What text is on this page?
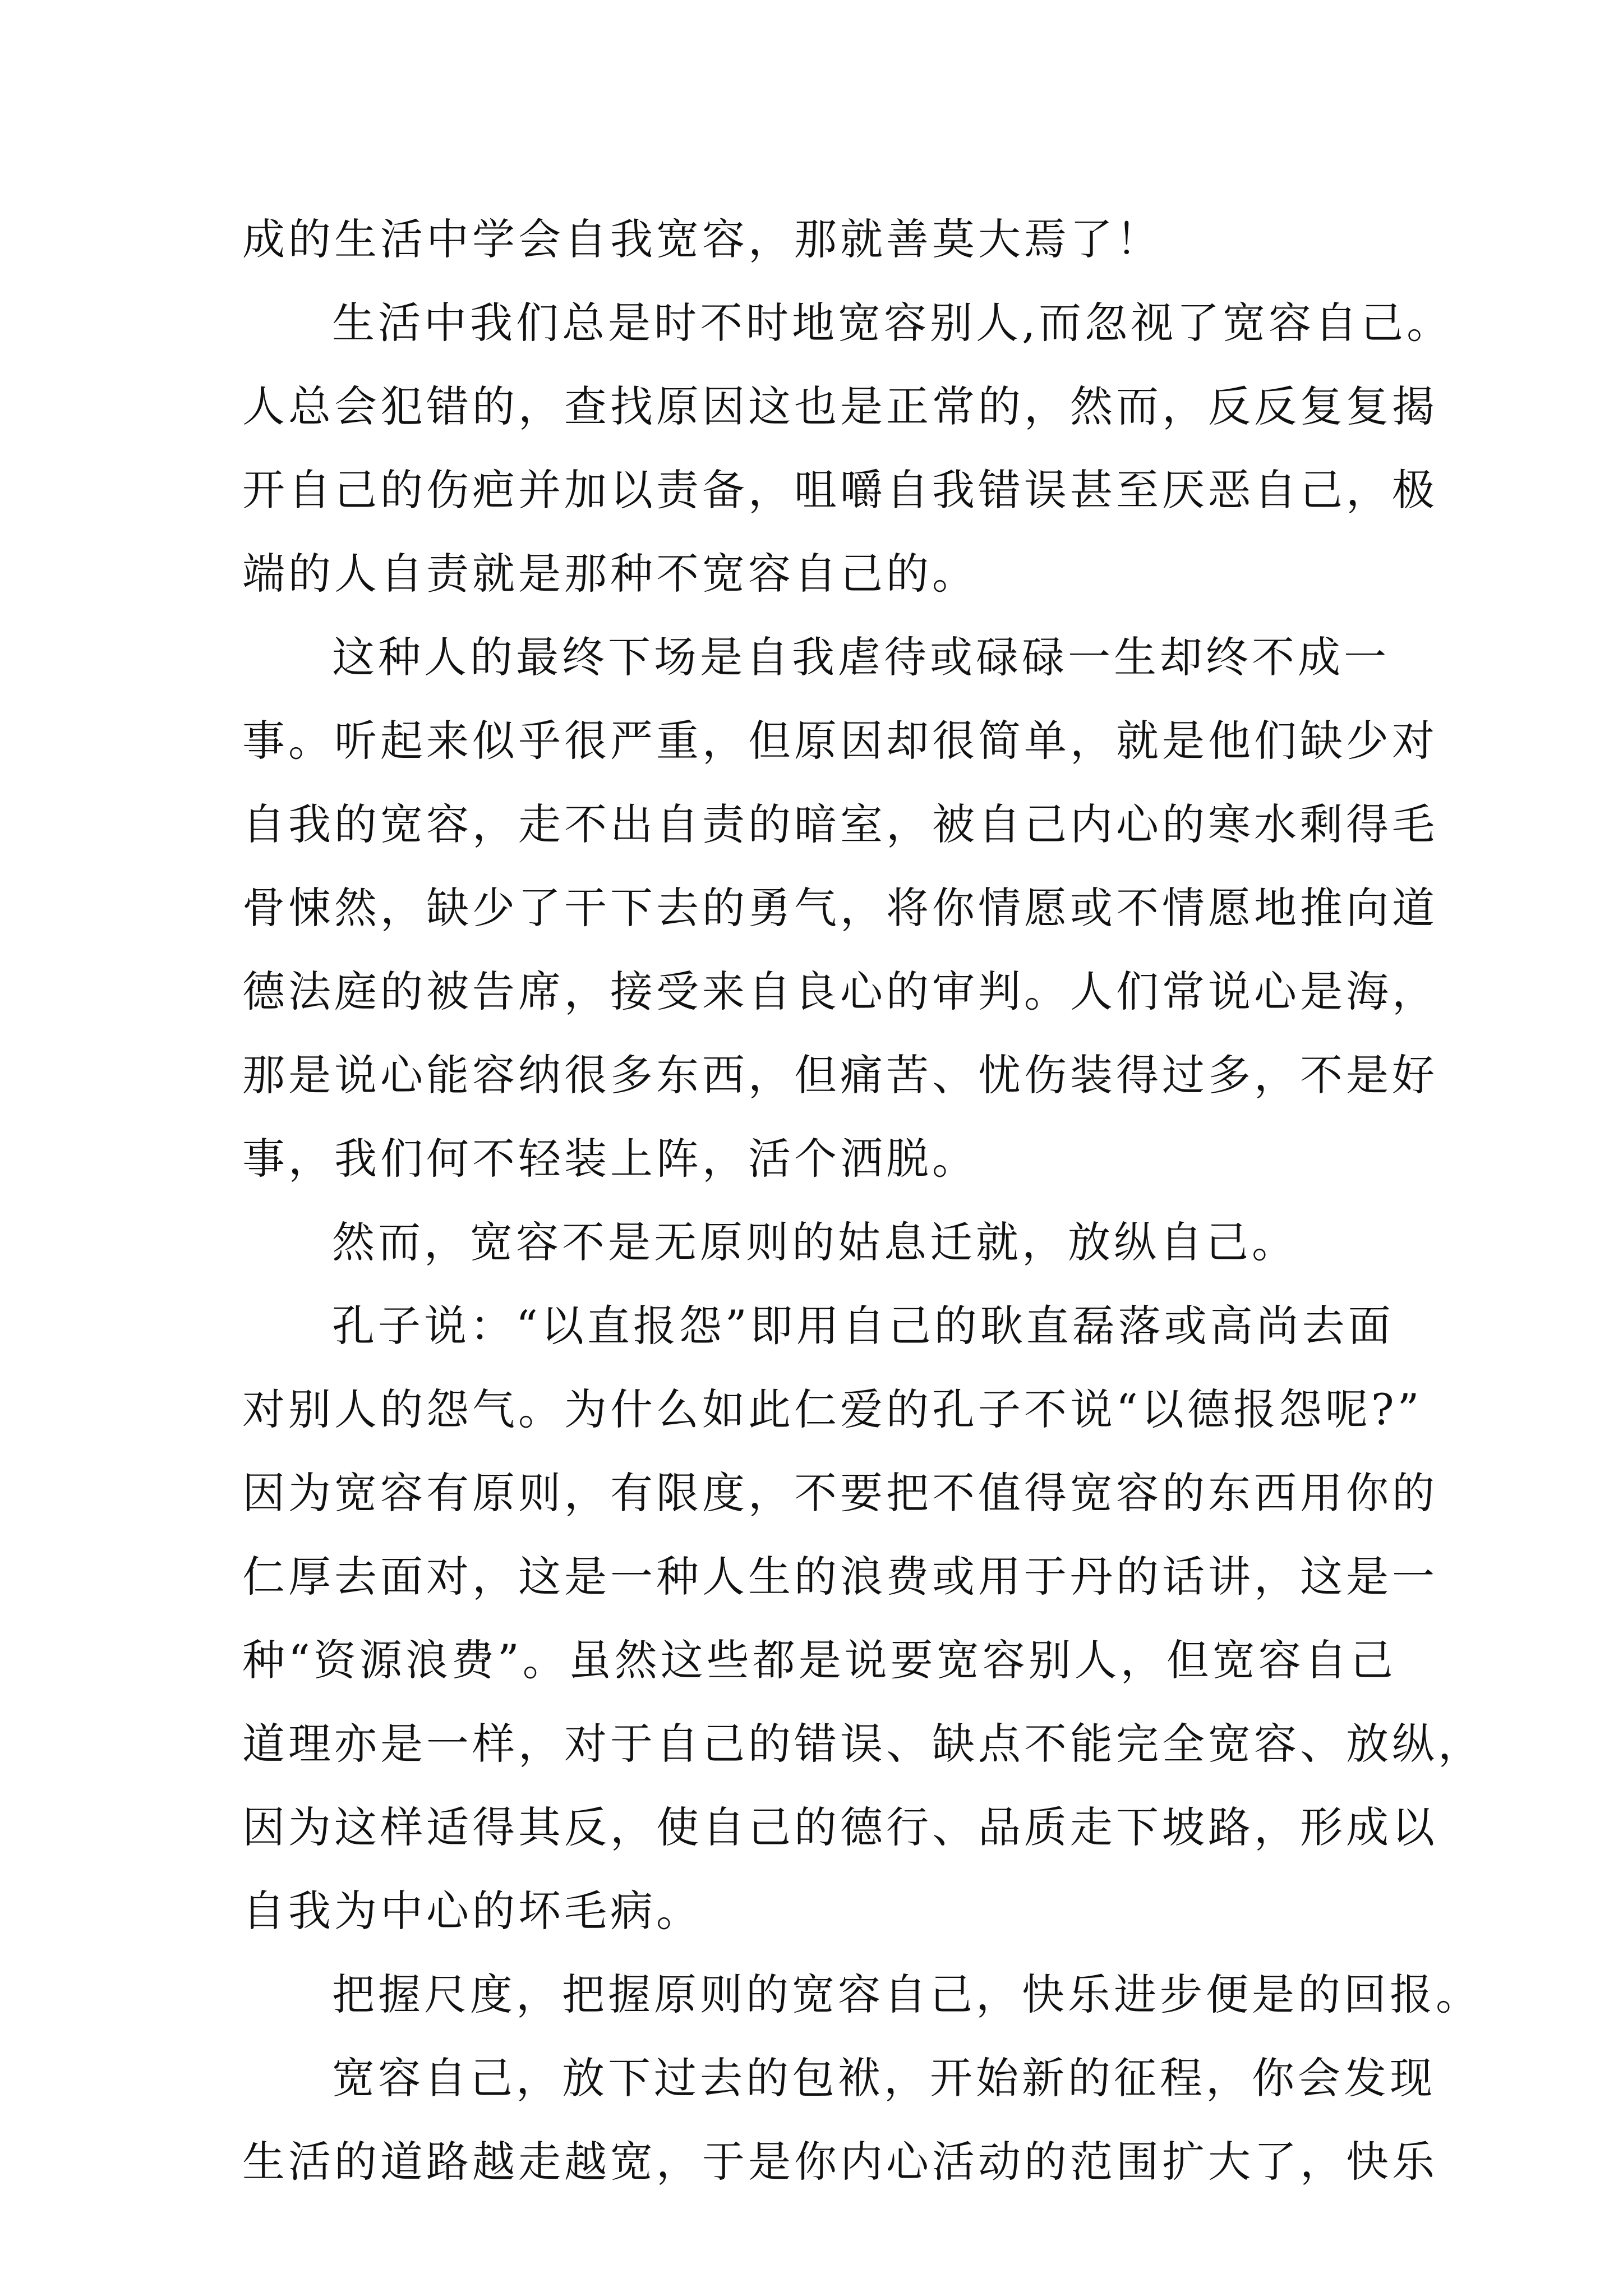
成的生活中学会自我宽容，那就善莫大焉了！
生活中我们总是时不时地宽容别人,而忽视了宽容自己。
人总会犯错的，查找原因这也是正常的，然而，反反复复揭
开自己的伤疤并加以责备，咀嚼自我错误甚至厌恶自己，极
端的人自责就是那种不宽容自己的。
这种人的最终下场是自我虐待或碌碌一生却终不成一
事。听起来似乎很严重，但原因却很简单，就是他们缺少对
自我的宽容，走不出自责的暗室，被自己内心的寒水剩得毛
骨悚然，缺少了干下去的勇气，将你情愿或不情愿地推向道
德法庭的被告席，接受来自良心的审判。人们常说心是海，
那是说心能容纳很多东西，但痛苦、忧伤装得过多，不是好
事，我们何不轻装上阵，活个洒脱。
然而，宽容不是无原则的姑息迁就，放纵自己。
孔子说：“以直报怨”即用自己的耿直磊落或高尚去面
对别人的怨气。为什么如此仁爱的孔子不说“以德报怨呢?”
因为宽容有原则，有限度，不要把不值得宽容的东西用你的
仁厚去面对，这是一种人生的浪费或用于丹的话讲，这是一
种“资源浪费”。虽然这些都是说要宽容别人，但宽容自己
道理亦是一样，对于自己的错误、缺点不能完全宽容、放纵，
因为这样适得其反，使自己的德行、品质走下坡路，形成以
自我为中心的坏毛病。
把握尺度，把握原则的宽容自己，快乐进步便是的回报。
宽容自己，放下过去的包袱，开始新的征程，你会发现
生活的道路越走越宽，于是你内心活动的范围扩大了，快乐
